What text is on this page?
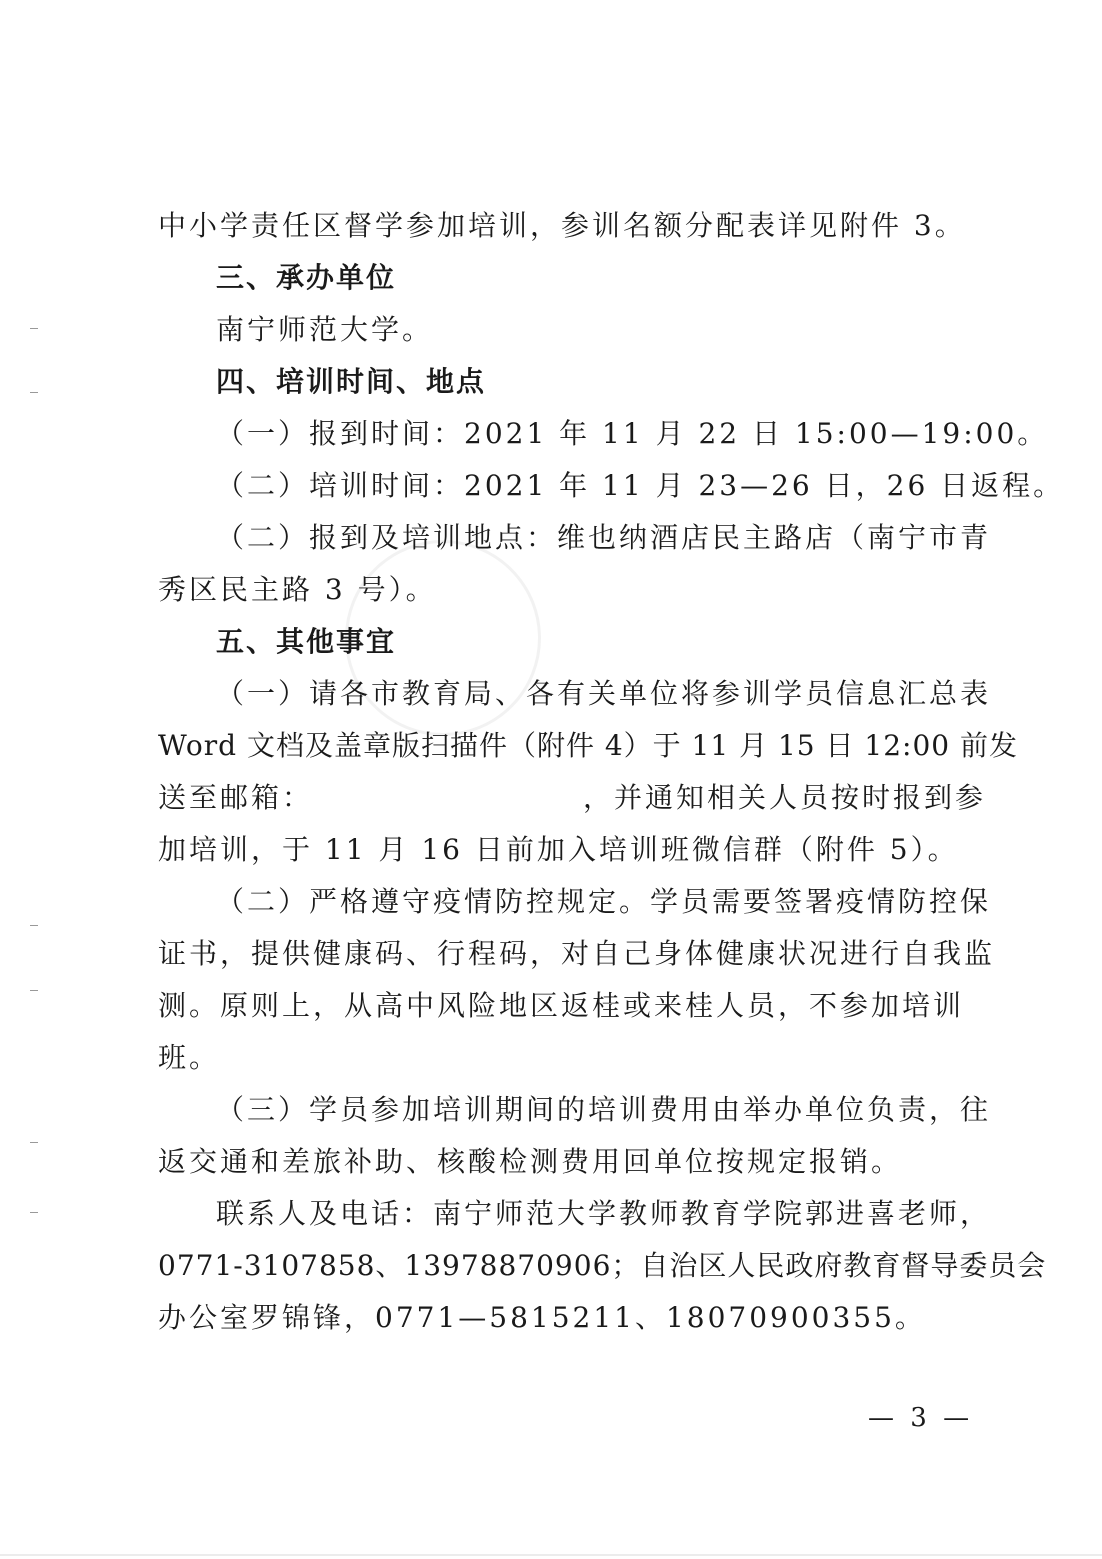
中小学责任区督学参加培训，参训名额分配表详见附件 3。
三、承办单位
南宁师范大学。
四、培训时间、地点
（一）报到时间：2021 年 11 月 22 日 15:00—19:00。
（二）培训时间：2021 年 11 月 23—26 日，26 日返程。
（二）报到及培训地点：维也纳酒店民主路店（南宁市青
秀区民主路 3 号）。
五、其他事宜
（一）请各市教育局、各有关单位将参训学员信息汇总表
Word 文档及盖章版扫描件（附件 4）于 11 月 15 日 12:00 前发
送至邮箱：	，并通知相关人员按时报到参
加培训，于 11 月 16 日前加入培训班微信群（附件 5）。
（二）严格遵守疫情防控规定。学员需要签署疫情防控保
证书，提供健康码、行程码，对自己身体健康状况进行自我监
测。原则上，从高中风险地区返桂或来桂人员，不参加培训
班。
（三）学员参加培训期间的培训费用由举办单位负责，往
返交通和差旅补助、核酸检测费用回单位按规定报销。
联系人及电话：南宁师范大学教师教育学院郭进喜老师，
0771-3107858、13978870906；自治区人民政府教育督导委员会
办公室罗锦锋，0771—5815211、18070900355。
— 3 —
